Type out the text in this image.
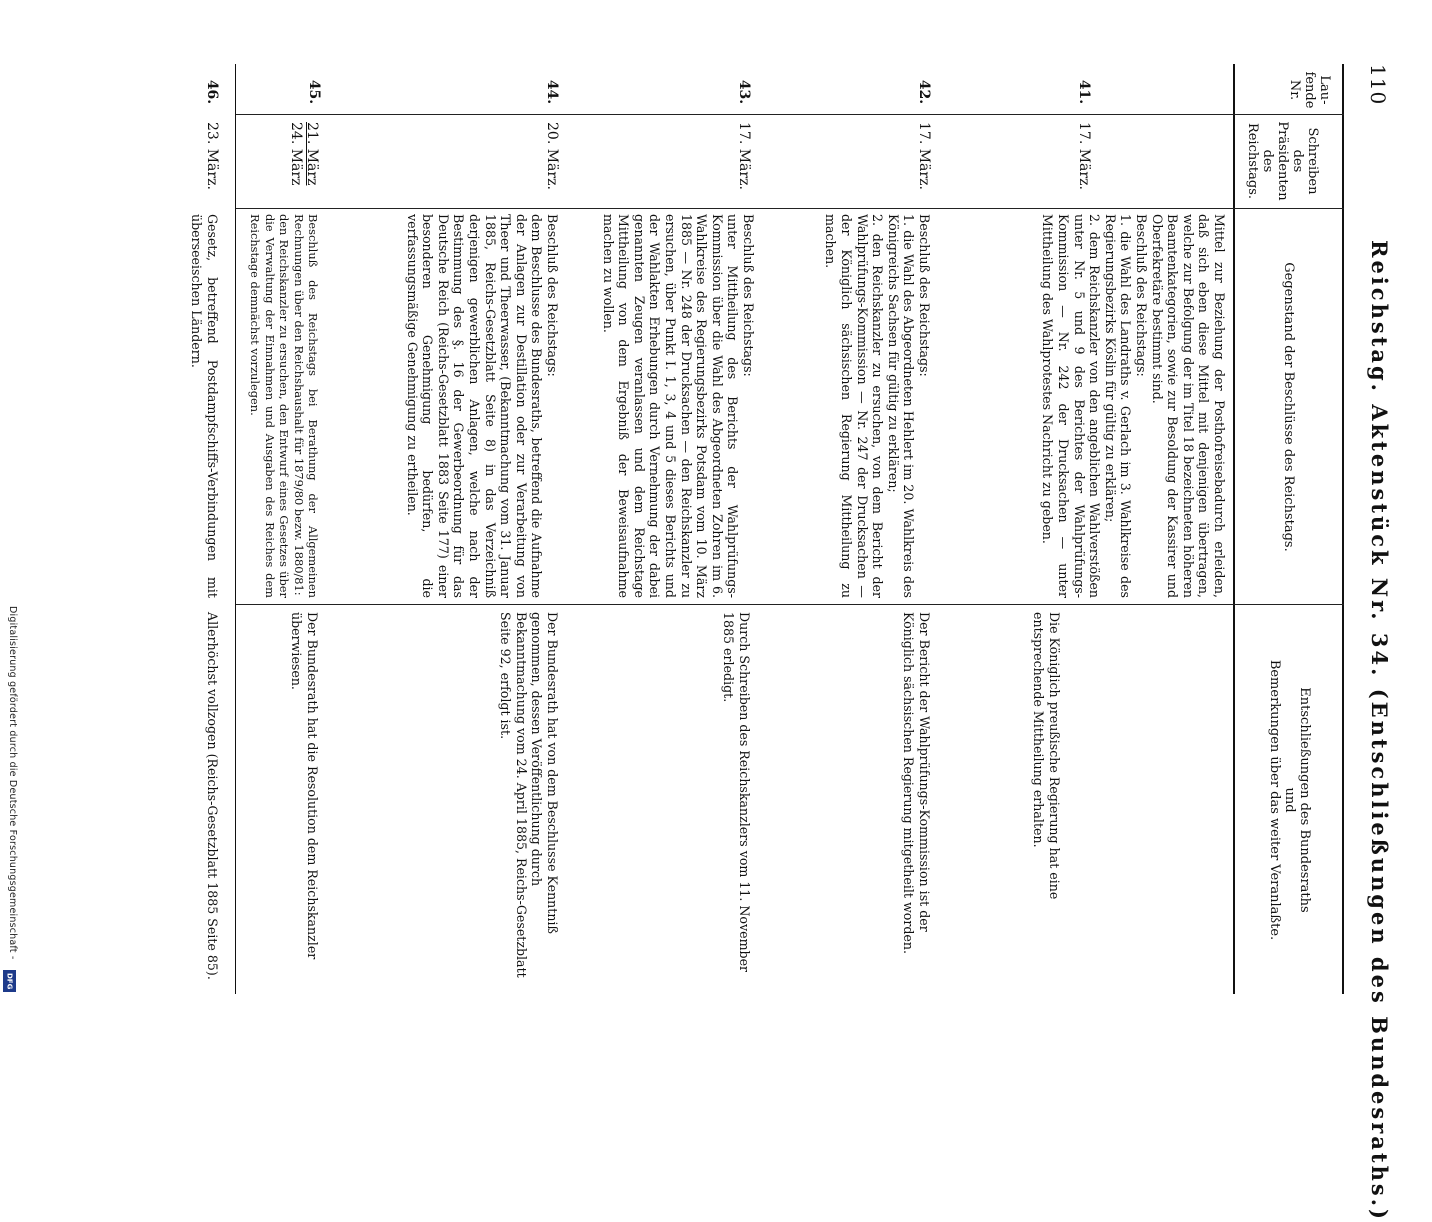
Digitalisierung gefördert durch die Deutsche Forschungsgemeinschaft -
DFG
110
Reichstag. Aktenstück Nr. 34. (Entschließungen des Bundesraths.)
Lau-
fende
Nr.
Schreiben
des
Präsidenten
des
Reichstags.
Gegenstand der Beschlüsse des Reichstags.
Entschließungen des Bundesraths
und
Bemerkungen über das weiter Veranlaßte.
41.
17. März.
Mittel zur Beziehung der Posthofreisebadurch erleiden, daß sich eben diese Mittel mit denjenigen übertragen, welche zur Befolgung der im Titel 18 bezeichneten höheren Beamtenkategorien, sowie zur Besoldung der Kassirer und Oberfekretäre bestimmt sind.
Beschluß des Reichstags:
1. die Wahl des Landraths v. Gerlach im 3. Wahlkreise des Regierungsbezirks Köslin für gültig zu erklären;
2. dem Reichskanzler von den angeblichen Wahlverstößen unter Nr. 5 und 9 des Berichtes der Wahlprüfungs-Kommission — Nr. 242 der Drucksachen — unter Mittheilung des Wahlprotestes Nachricht zu geben.
Die Königlich preußische Regierung hat eine entsprechende Mittheilung erhalten.
42.
17. März.
Beschluß des Reichstags:
1. die Wahl des Abgeordneten Hehlert im 20. Wahlkreis des Königreichs Sachsen für gültig zu erklären;
2. den Reichskanzler zu ersuchen, von dem Bericht der Wahlprüfungs-Kommission — Nr. 247 der Drucksachen — der Königlich sächsischen Regierung Mittheilung zu machen.
Der Bericht der Wahlprüfungs-Kommission ist der Königlich sächsischen Regierung mitgetheilt worden.
43.
17. März.
Beschluß des Reichstags:
unter Mittheilung des Berichts der Wahlprüfungs-Kommission über die Wahl des Abgeordneten Zohren im 6. Wahlkreise des Regierungsbezirks Potsdam vom 10. März 1885 — Nr. 248 der Drucksachen — den Reichskanzler zu ersuchen, über Punkt I. 1, 3, 4 und 5 dieses Berichts und der Wahlakten Erhebungen durch Vernehmung der dabei genannten Zeugen veranlassen und dem Reichstage Mittheilung von dem Ergebniß der Beweisaufnahme machen zu wollen.
Durch Schreiben des Reichskanzlers vom 11. November 1885 erledigt.
44.
20. März.
Beschluß des Reichstags:
dem Beschlusse des Bundesraths, betreffend die Aufnahme der Anlagen zur Destillation oder zur Verarbeitung von Theer und Theerwasser, (Bekanntmachung vom 31. Januar 1885, Reichs-Gesetzblatt Seite 8) in das Verzeichniß derjenigen gewerblichen Anlagen, welche nach der Bestimmung des §. 16 der Gewerbeordnung für das Deutsche Reich (Reichs-Gesetzblatt 1883 Seite 177) einer besonderen Genehmigung bedürfen, die verfassungsmäßige Genehmigung zu ertheilen.
Der Bundesrath hat von dem Beschlusse Kenntniß genommen, dessen Veröffentlichung durch Bekanntmachung vom 24. April 1885, Reichs-Gesetzblatt Seite 92, erfolgt ist.
45.
21. März
24. März
Beschluß des Reichstags bei Berathung der Allgemeinen Rechnungen über den Reichshaushalt für 1879/80 bezw. 1880/81:
den Reichskanzler zu ersuchen, den Entwurf eines Gesetzes über die Verwaltung der Einnahmen und Ausgaben des Reiches dem Reichstage demnächst vorzulegen.
Der Bundesrath hat die Resolution dem Reichskanzler überwiesen.
46.
23. März.
Gesetz, betreffend Postdampfschiffs-Verbindungen mit überseeischen Ländern.
Allerhöchst vollzogen (Reichs-Gesetzblatt 1885 Seite 85).
